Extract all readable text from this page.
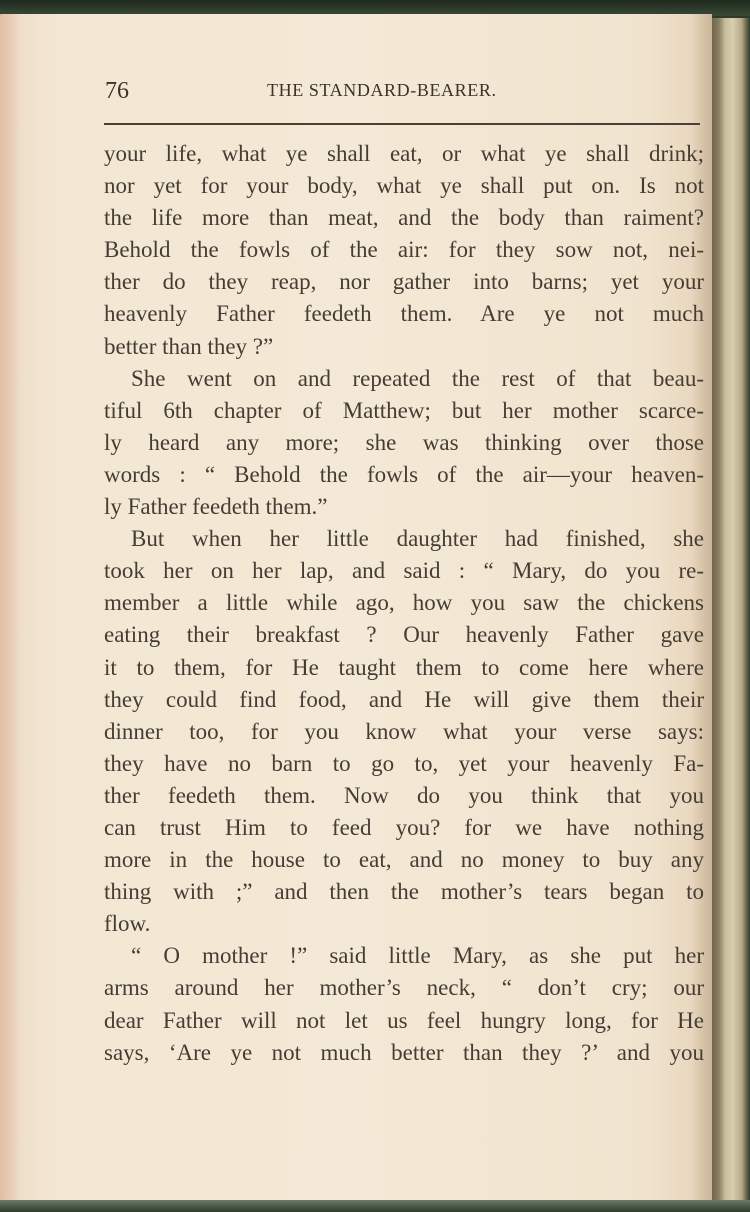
76	THE STANDARD-BEARER.
your life, what ye shall eat, or what ye shall drink;
nor yet for your body, what ye shall put on. Is not
the life more than meat, and the body than raiment?
Behold the fowls of the air: for they sow not, nei-
ther do they reap, nor gather into barns; yet your
heavenly Father feedeth them. Are ye not much
better than they ?”
She went on and repeated the rest of that beau-
tiful 6th chapter of Matthew; but her mother scarce-
ly heard any more; she was thinking over those
words : “ Behold the fowls of the air—your heaven-
ly Father feedeth them.”
But when her little daughter had finished, she
took her on her lap, and said : “ Mary, do you re-
member a little while ago, how you saw the chickens
eating their breakfast ? Our heavenly Father gave
it to them, for He taught them to come here where
they could find food, and He will give them their
dinner too, for you know what your verse says:
they have no barn to go to, yet your heavenly Fa-
ther feedeth them. Now do you think that you
can trust Him to feed you? for we have nothing
more in the house to eat, and no money to buy any
thing with ;” and then the mother’s tears began to
flow.
“ O mother !” said little Mary, as she put her
arms around her mother’s neck, “ don’t cry; our
dear Father will not let us feel hungry long, for He
says, ‘Are ye not much better than they ?’ and you
